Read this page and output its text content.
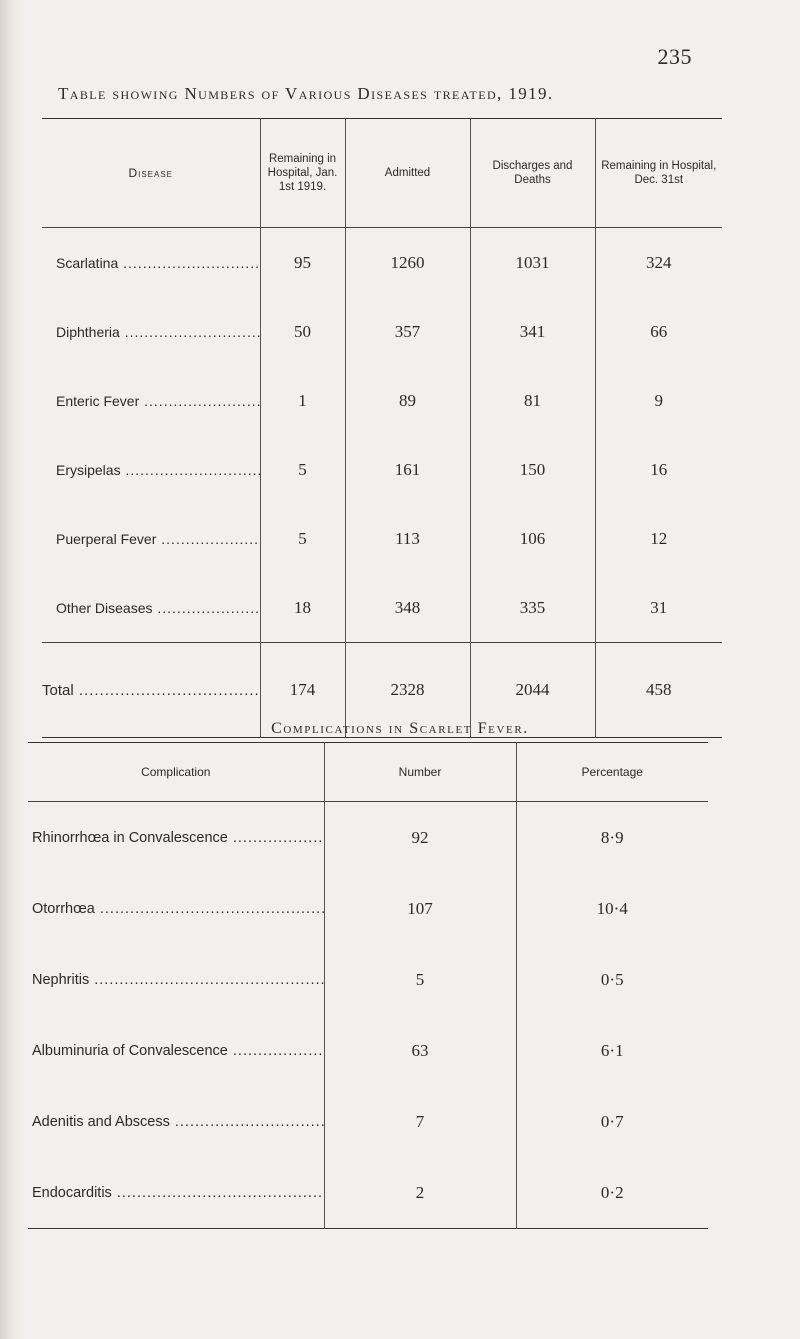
235
Table showing Numbers of Various Diseases treated, 1919.
Disease	Remaining in Hospital, Jan. 1st 1919.	Admitted	Discharges and Deaths	Remaining in Hospital, Dec. 31st
Scarlatina .....	95	1260	1031	324
Diphtheria .....	50	357	341	66
Enteric Fever .....	1	89	81	9
Erysipelas .....	5	161	150	16
Puerperal Fever .....	5	113	106	12
Other Diseases .....	18	348	335	31
Total .....	174	2328	2044	458
Complications in Scarlet Fever.
Complication	Number	Percentage
Rhinorrhœa in Convalescence .....	92	8·9
Otorrhœa .....	107	10·4
Nephritis .....	5	0·5
Albuminuria of Convalescence .....	63	6·1
Adenitis and Abscess .....	7	0·7
Endocarditis .....	2	0·2
